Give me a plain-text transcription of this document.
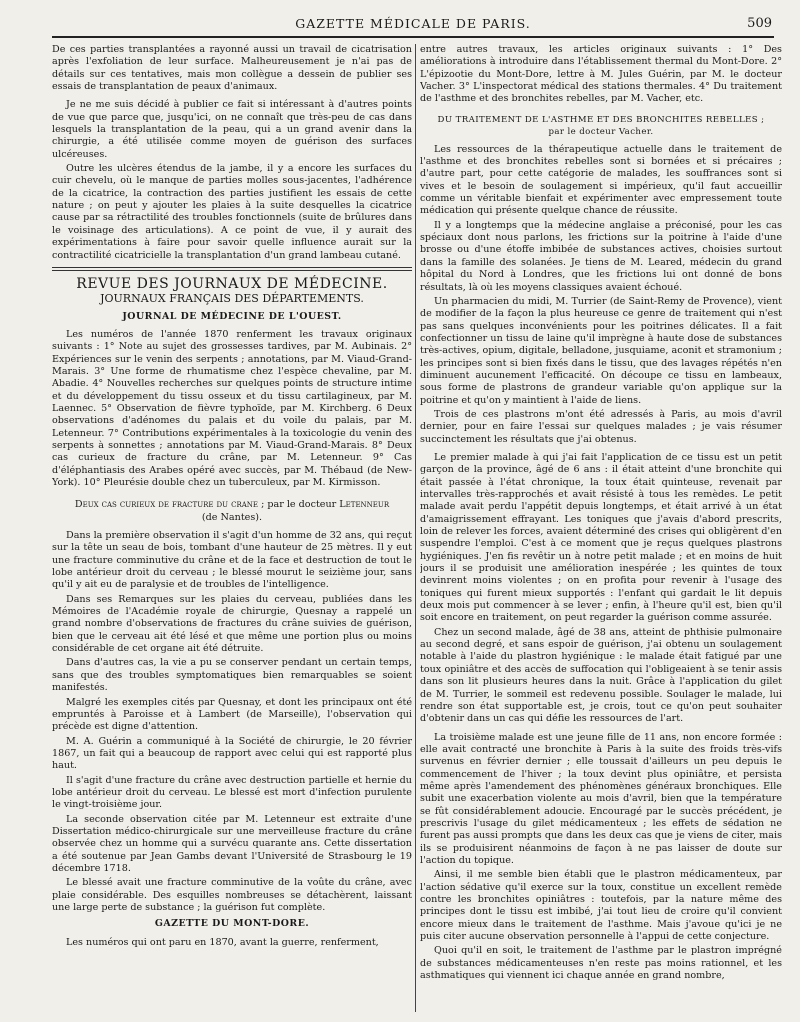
GAZETTE MÉDICALE DE PARIS.	509

De ces parties transplantées a rayonné aussi un travail de cicatrisation après l'exfoliation de leur surface. Malheureusement je n'ai pas de détails sur ces tentatives, mais mon collègue a dessein de publier ses essais de transplantation de peaux d'animaux.

Je ne me suis décidé à publier ce fait si intéressant à d'autres points de vue que parce que, jusqu'ici, on ne connaît que très-peu de cas dans lesquels la transplantation de la peau, qui a un grand avenir dans la chirurgie, a été utilisée comme moyen de guérison des surfaces ulcéreuses.

Outre les ulcères étendus de la jambe, il y a encore les surfaces du cuir chevelu, où le manque de parties molles sous-jacentes, l'adhérence de la cicatrice, la contraction des parties justifient les essais de cette nature ; on peut y ajouter les plaies à la suite desquelles la cicatrice cause par sa rétractilité des troubles fonctionnels (suite de brûlures dans le voisinage des articulations). A ce point de vue, il y aurait des expérimentations à faire pour savoir quelle influence aurait sur la contractilité cicatricielle la transplantation d'un grand lambeau cutané.

REVUE DES JOURNAUX DE MÉDECINE.
JOURNAUX FRANÇAIS DES DÉPARTEMENTS.
JOURNAL DE MÉDECINE DE L'OUEST.

Les numéros de l'année 1870 renferment les travaux originaux suivants : 1° Note au sujet des grossesses tardives, par M. Aubinais. 2° Expériences sur le venin des serpents ; annotations, par M. Viaud-Grand-Marais. 3° Une forme de rhumatisme chez l'espèce chevaline, par M. Abadie. 4° Nouvelles recherches sur quelques points de structure intime et du développement du tissu osseux et du tissu cartilagineux, par M. Laennec. 5° Observation de fièvre typhoïde, par M. Kirchberg. 6 Deux observations d'adénomes du palais et du voile du palais, par M. Letenneur. 7° Contributions expérimentales à la toxicologie du venin des serpents à sonnettes ; annotations par M. Viaud-Grand-Marais. 8° Deux cas curieux de fracture du crâne, par M. Letenneur. 9° Cas d'éléphantiasis des Arabes opéré avec succès, par M. Thébaud (de New-York). 10° Pleurésie double chez un tuberculeux, par M. Kirmisson.

Deux cas curieux de fracture du crane ; par le docteur Letenneur
(de Nantes).

Dans la première observation il s'agit d'un homme de 32 ans, qui reçut sur la tête un seau de bois, tombant d'une hauteur de 25 mètres. Il y eut une fracture comminutive du crâne et de la face et destruction de tout le lobe antérieur droit du cerveau ; le blessé mourut le seizième jour, sans qu'il y ait eu de paralysie et de troubles de l'intelligence.

Dans ses Remarques sur les plaies du cerveau, publiées dans les Mémoires de l'Académie royale de chirurgie, Quesnay a rappelé un grand nombre d'observations de fractures du crâne suivies de guérison, bien que le cerveau ait été lésé et que même une portion plus ou moins considérable de cet organe ait été détruite.

Dans d'autres cas, la vie a pu se conserver pendant un certain temps, sans que des troubles symptomatiques bien remarquables se soient manifestés.

Malgré les exemples cités par Quesnay, et dont les principaux ont été empruntés à Paroisse et à Lambert (de Marseille), l'observation qui précède est digne d'attention.

M. A. Guérin a communiqué à la Société de chirurgie, le 20 février 1867, un fait qui a beaucoup de rapport avec celui qui est rapporté plus haut.

Il s'agit d'une fracture du crâne avec destruction partielle et hernie du lobe antérieur droit du cerveau. Le blessé est mort d'infection purulente le vingt-troisième jour.

La seconde observation citée par M. Letenneur est extraite d'une Dissertation médico-chirurgicale sur une merveilleuse fracture du crâne observée chez un homme qui a survécu quarante ans. Cette dissertation a été soutenue par Jean Gambs devant l'Université de Strasbourg le 19 décembre 1718.

Le blessé avait une fracture comminutive de la voûte du crâne, avec plaie considérable. Des esquilles nombreuses se détachèrent, laissant une large perte de substance ; la guérison fut complète.

GAZETTE DU MONT-DORE.

Les numéros qui ont paru en 1870, avant la guerre, renferment,

entre autres travaux, les articles originaux suivants : 1° Des améliorations à introduire dans l'établissement thermal du Mont-Dore. 2° L'épizootie du Mont-Dore, lettre à M. Jules Guérin, par M. le docteur Vacher. 3° L'inspectorat médical des stations thermales. 4° Du traitement de l'asthme et des bronchites rebelles, par M. Vacher, etc.

DU TRAITEMENT DE L'ASTHME ET DES BRONCHITES REBELLES ;
par le docteur Vacher.

Les ressources de la thérapeutique actuelle dans le traitement de l'asthme et des bronchites rebelles sont si bornées et si précaires ; d'autre part, pour cette catégorie de malades, les souffrances sont si vives et le besoin de soulagement si impérieux, qu'il faut accueillir comme un véritable bienfait et expérimenter avec empressement toute médication qui présente quelque chance de réussite.

Il y a longtemps que la médecine anglaise a préconisé, pour les cas spéciaux dont nous parlons, les frictions sur la poitrine à l'aide d'une brosse ou d'une étoffe imbibée de substances actives, choisies surtout dans la famille des solanées. Je tiens de M. Leared, médecin du grand hôpital du Nord à Londres, que les frictions lui ont donné de bons résultats, là où les moyens classiques avaient échoué.

Un pharmacien du midi, M. Turrier (de Saint-Remy de Provence), vient de modifier de la façon la plus heureuse ce genre de traitement qui n'est pas sans quelques inconvénients pour les poitrines délicates. Il a fait confectionner un tissu de laine qu'il imprègne à haute dose de substances très-actives, opium, digitale, belladone, jusquiame, aconit et stramonium ; les principes sont si bien fixés dans le tissu, que des lavages répétés n'en diminuent aucunement l'efficacité. On découpe ce tissu en lambeaux, sous forme de plastrons de grandeur variable qu'on applique sur la poitrine et qu'on y maintient à l'aide de liens.

Trois de ces plastrons m'ont été adressés à Paris, au mois d'avril dernier, pour en faire l'essai sur quelques malades ; je vais résumer succinctement les résultats que j'ai obtenus.

Le premier malade à qui j'ai fait l'application de ce tissu est un petit garçon de la province, âgé de 6 ans : il était atteint d'une bronchite qui était passée à l'état chronique, la toux était quinteuse, revenait par intervalles très-rapprochés et avait résisté à tous les remèdes. Le petit malade avait perdu l'appétit depuis longtemps, et était arrivé à un état d'amaigrissement effrayant. Les toniques que j'avais d'abord prescrits, loin de relever les forces, avaient déterminé des crises qui obligèrent d'en suspendre l'emploi. C'est à ce moment que je reçus quelques plastrons hygiéniques. J'en fis revêtir un à notre petit malade ; et en moins de huit jours il se produisit une amélioration inespérée ; les quintes de toux devinrent moins violentes ; on en profita pour revenir à l'usage des toniques qui furent mieux supportés : l'enfant qui gardait le lit depuis deux mois put commencer à se lever ; enfin, à l'heure qu'il est, bien qu'il soit encore en traitement, on peut regarder la guérison comme assurée.

Chez un second malade, âgé de 38 ans, atteint de phthisie pulmonaire au second degré, et sans espoir de guérison, j'ai obtenu un soulagement notable à l'aide du plastron hygiénique : le malade était fatigué par une toux opiniâtre et des accès de suffocation qui l'obligeaient à se tenir assis dans son lit plusieurs heures dans la nuit. Grâce à l'application du gilet de M. Turrier, le sommeil est redevenu possible. Soulager le malade, lui rendre son état supportable est, je crois, tout ce qu'on peut souhaiter d'obtenir dans un cas qui défie les ressources de l'art.

La troisième malade est une jeune fille de 11 ans, non encore formée : elle avait contracté une bronchite à Paris à la suite des froids très-vifs survenus en février dernier ; elle toussait d'ailleurs un peu depuis le commencement de l'hiver ; la toux devint plus opiniâtre, et persista même après l'amendement des phénomènes généraux bronchiques. Elle subit une exacerbation violente au mois d'avril, bien que la température se fût considérablement adoucie. Encouragé par le succès précédent, je prescrivis l'usage du gilet médicamenteux ; les effets de sédation ne furent pas aussi prompts que dans les deux cas que je viens de citer, mais ils se produisirent néanmoins de façon à ne pas laisser de doute sur l'action du topique.

Ainsi, il me semble bien établi que le plastron médicamenteux, par l'action sédative qu'il exerce sur la toux, constitue un excellent remède contre les bronchites opiniâtres : toutefois, par la nature même des principes dont le tissu est imbibé, j'ai tout lieu de croire qu'il convient encore mieux dans le traitement de l'asthme. Mais j'avoue qu'ici je ne puis citer aucune observation personnelle à l'appui de cette conjecture.

Quoi qu'il en soit, le traitement de l'asthme par le plastron imprégné de substances médicamenteuses n'en reste pas moins rationnel, et les asthmatiques qui viennent ici chaque année en grand nombre,
